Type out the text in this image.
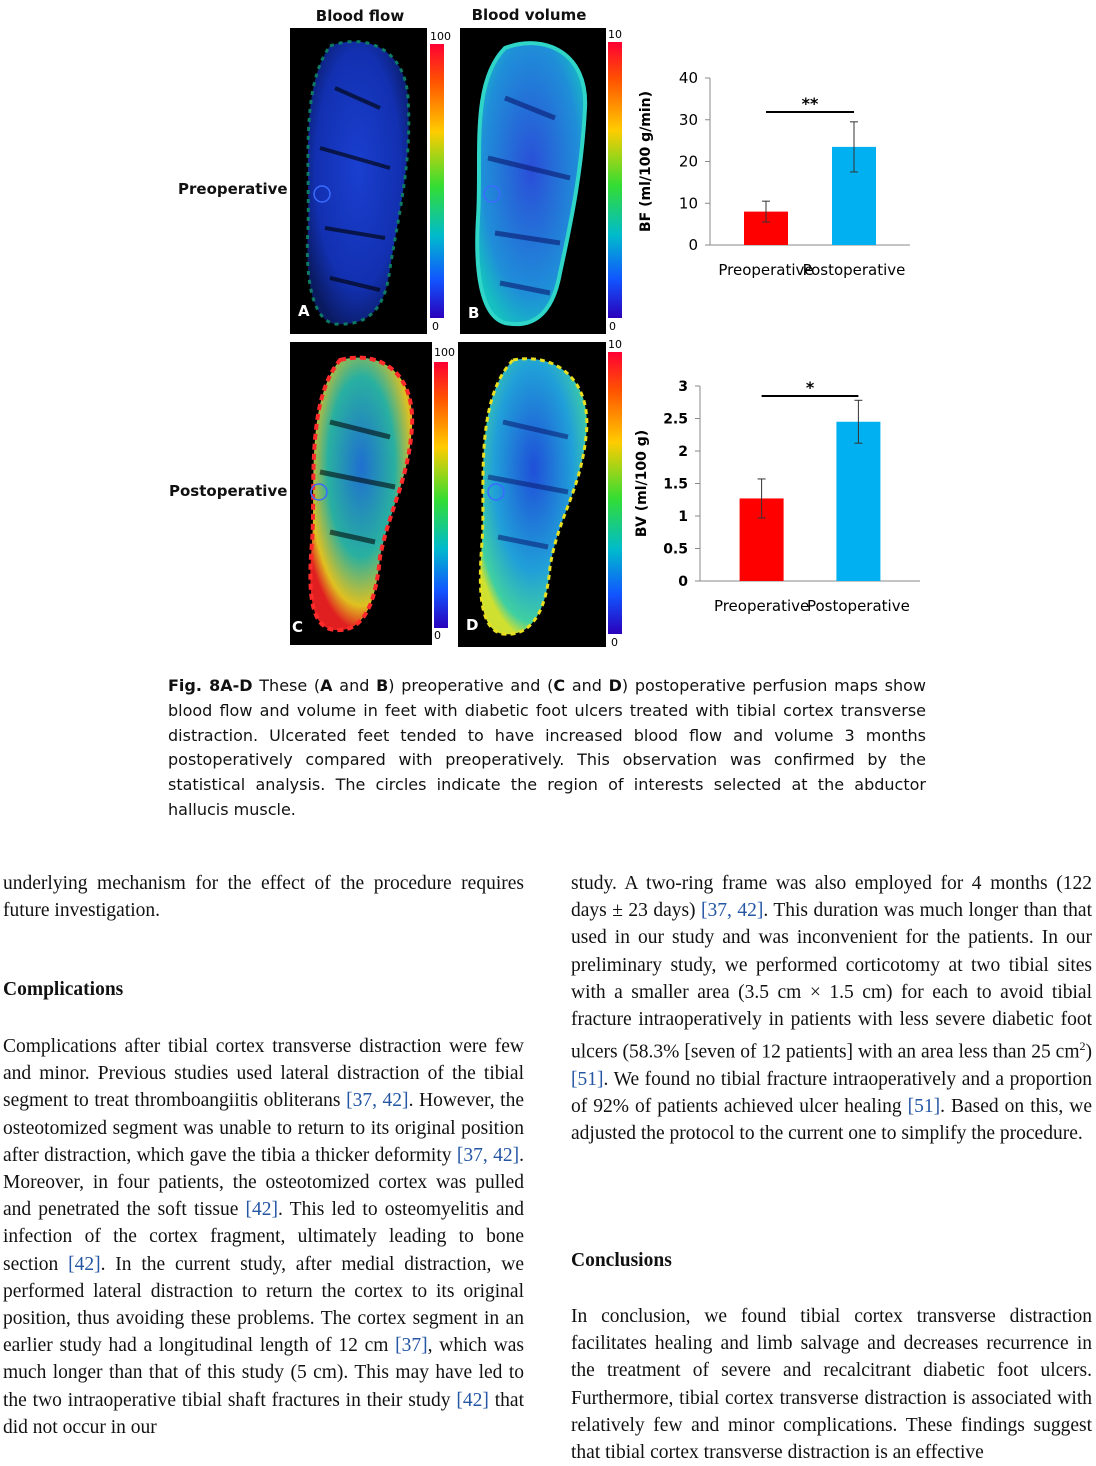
Blood flow	Blood volume
Preoperative
Postoperative
A
100
0
B
10
0
C
100
0
D
10
0
0
10
20
30
40
BF (ml/100 g/min)
Preoperative
Postoperative
**
0
0.5
1
1.5
2
2.5
3
BV (ml/100 g)
Preoperative
Postoperative
*
Fig. 8A-D These (A and B) preoperative and (C and D) postoperative perfusion maps show blood flow and volume in feet with diabetic foot ulcers treated with tibial cortex transverse distraction. Ulcerated feet tended to have increased blood flow and volume 3 months postoperatively compared with preoperatively. This observation was confirmed by the statistical analysis. The circles indicate the region of interests selected at the abductor hallucis muscle.

underlying mechanism for the effect of the procedure requires future investigation.

Complications

Complications after tibial cortex transverse distraction were few and minor. Previous studies used lateral distraction of the tibial segment to treat thromboangiitis obliterans [37, 42]. However, the osteotomized segment was unable to return to its original position after distraction, which gave the tibia a thicker deformity [37, 42]. Moreover, in four patients, the osteotomized cortex was pulled and penetrated the soft tissue [42]. This led to osteomyelitis and infection of the cortex fragment, ultimately leading to bone section [42]. In the current study, after medial distraction, we performed lateral distraction to return the cortex to its original position, thus avoiding these problems. The cortex segment in an earlier study had a longitudinal length of 12 cm [37], which was much longer than that of this study (5 cm). This may have led to the two intraoperative tibial shaft fractures in their study [42] that did not occur in our

study. A two-ring frame was also employed for 4 months (122 days ± 23 days) [37, 42]. This duration was much longer than that used in our study and was inconvenient for the patients. In our preliminary study, we performed corticotomy at two tibial sites with a smaller area (3.5 cm × 1.5 cm) for each to avoid tibial fracture intraoperatively in patients with less severe diabetic foot ulcers (58.3% [seven of 12 patients] with an area less than 25 $cm^2$) [51]. We found no tibial fracture intraoperatively and a proportion of 92% of patients achieved ulcer healing [51]. Based on this, we adjusted the protocol to the current one to simplify the procedure.

Conclusions

In conclusion, we found tibial cortex transverse distraction facilitates healing and limb salvage and decreases recurrence in the treatment of severe and recalcitrant diabetic foot ulcers. Furthermore, tibial cortex transverse distraction is associated with relatively few and minor complications. These findings suggest that tibial cortex transverse distraction is an effective
